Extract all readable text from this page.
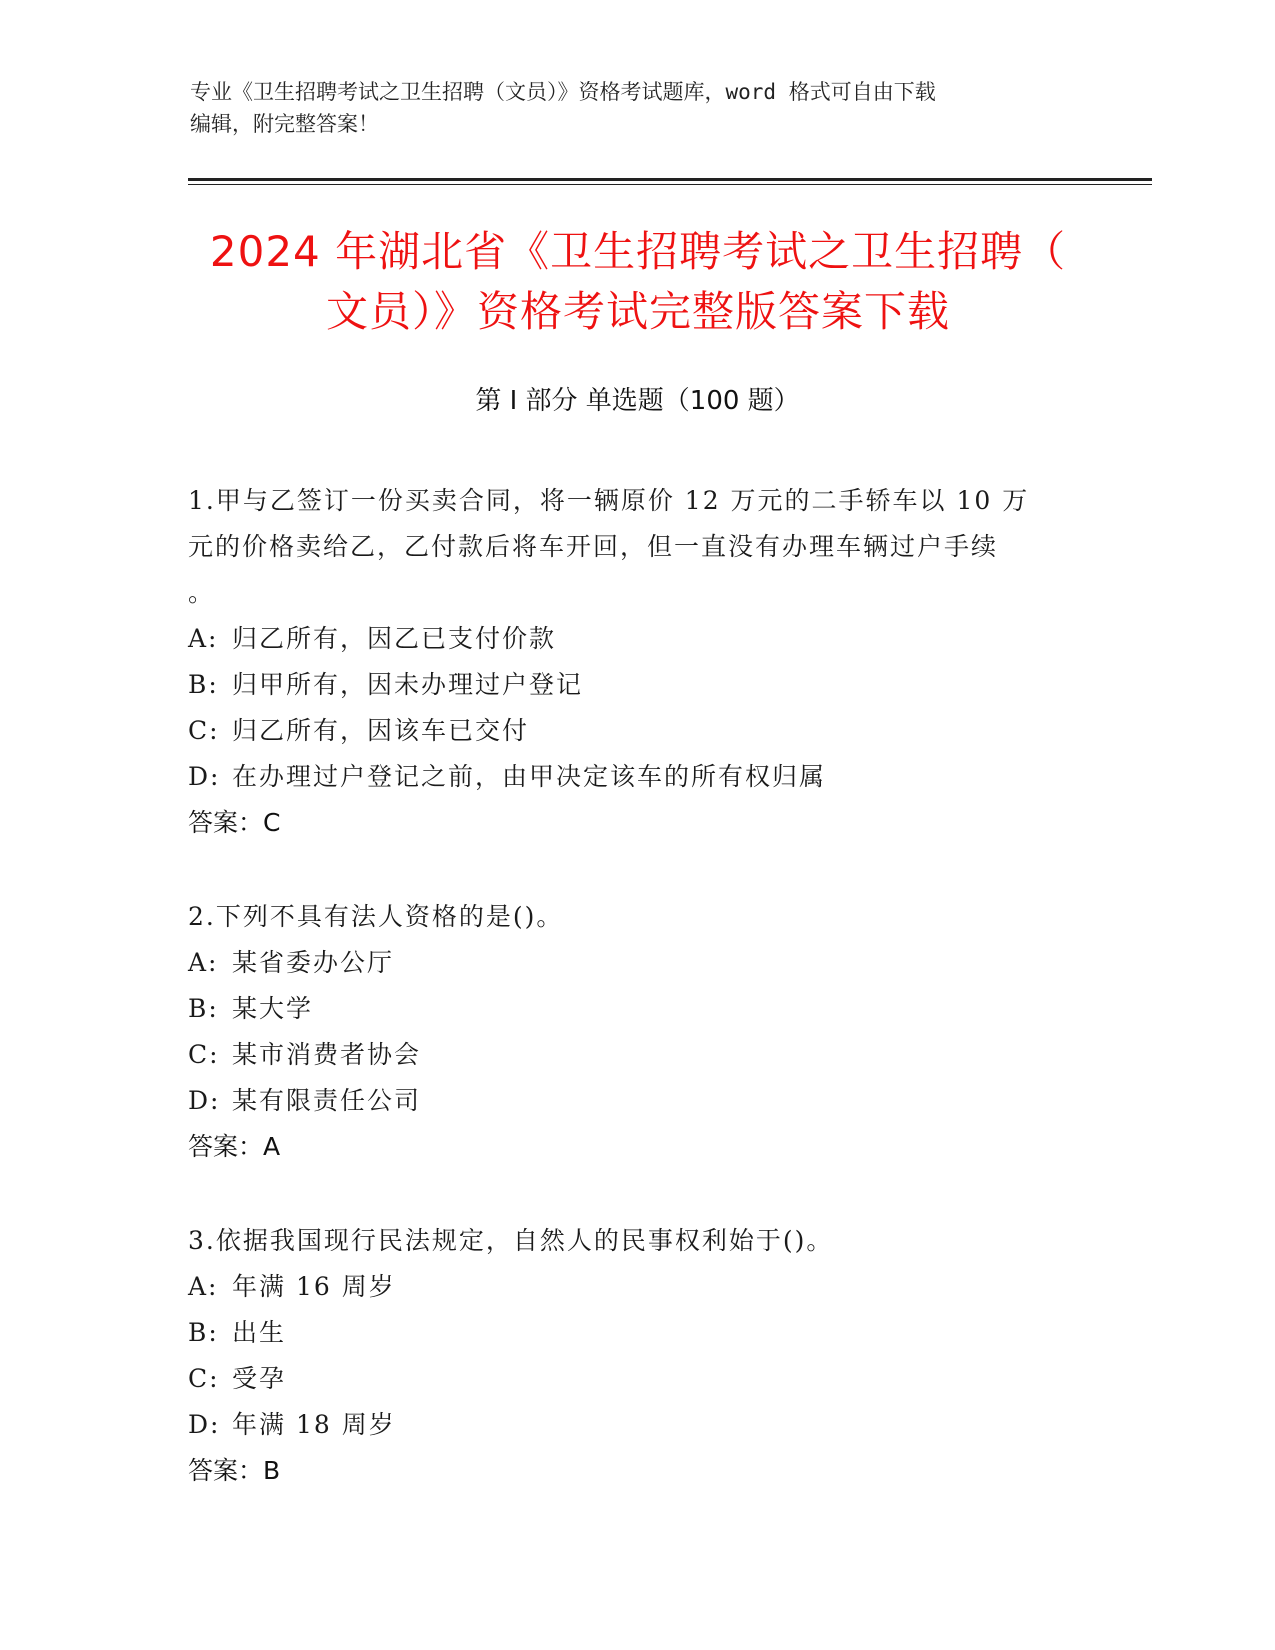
专业《卫生招聘考试之卫生招聘（文员）》资格考试题库，word 格式可自由下载
编辑，附完整答案！
2024 年湖北省《卫生招聘考试之卫生招聘（
文员）》资格考试完整版答案下载
第 I 部分 单选题（100 题）
1.甲与乙签订一份买卖合同，将一辆原价 12 万元的二手轿车以 10 万
元的价格卖给乙，乙付款后将车开回，但一直没有办理车辆过户手续
。
A: 归乙所有，因乙已支付价款
B: 归甲所有，因未办理过户登记
C: 归乙所有，因该车已交付
D: 在办理过户登记之前，由甲决定该车的所有权归属
答案：C
2.下列不具有法人资格的是()。
A: 某省委办公厅
B: 某大学
C: 某市消费者协会
D: 某有限责任公司
答案：A
3.依据我国现行民法规定，自然人的民事权利始于()。
A: 年满 16 周岁
B: 出生
C: 受孕
D: 年满 18 周岁
答案：B
